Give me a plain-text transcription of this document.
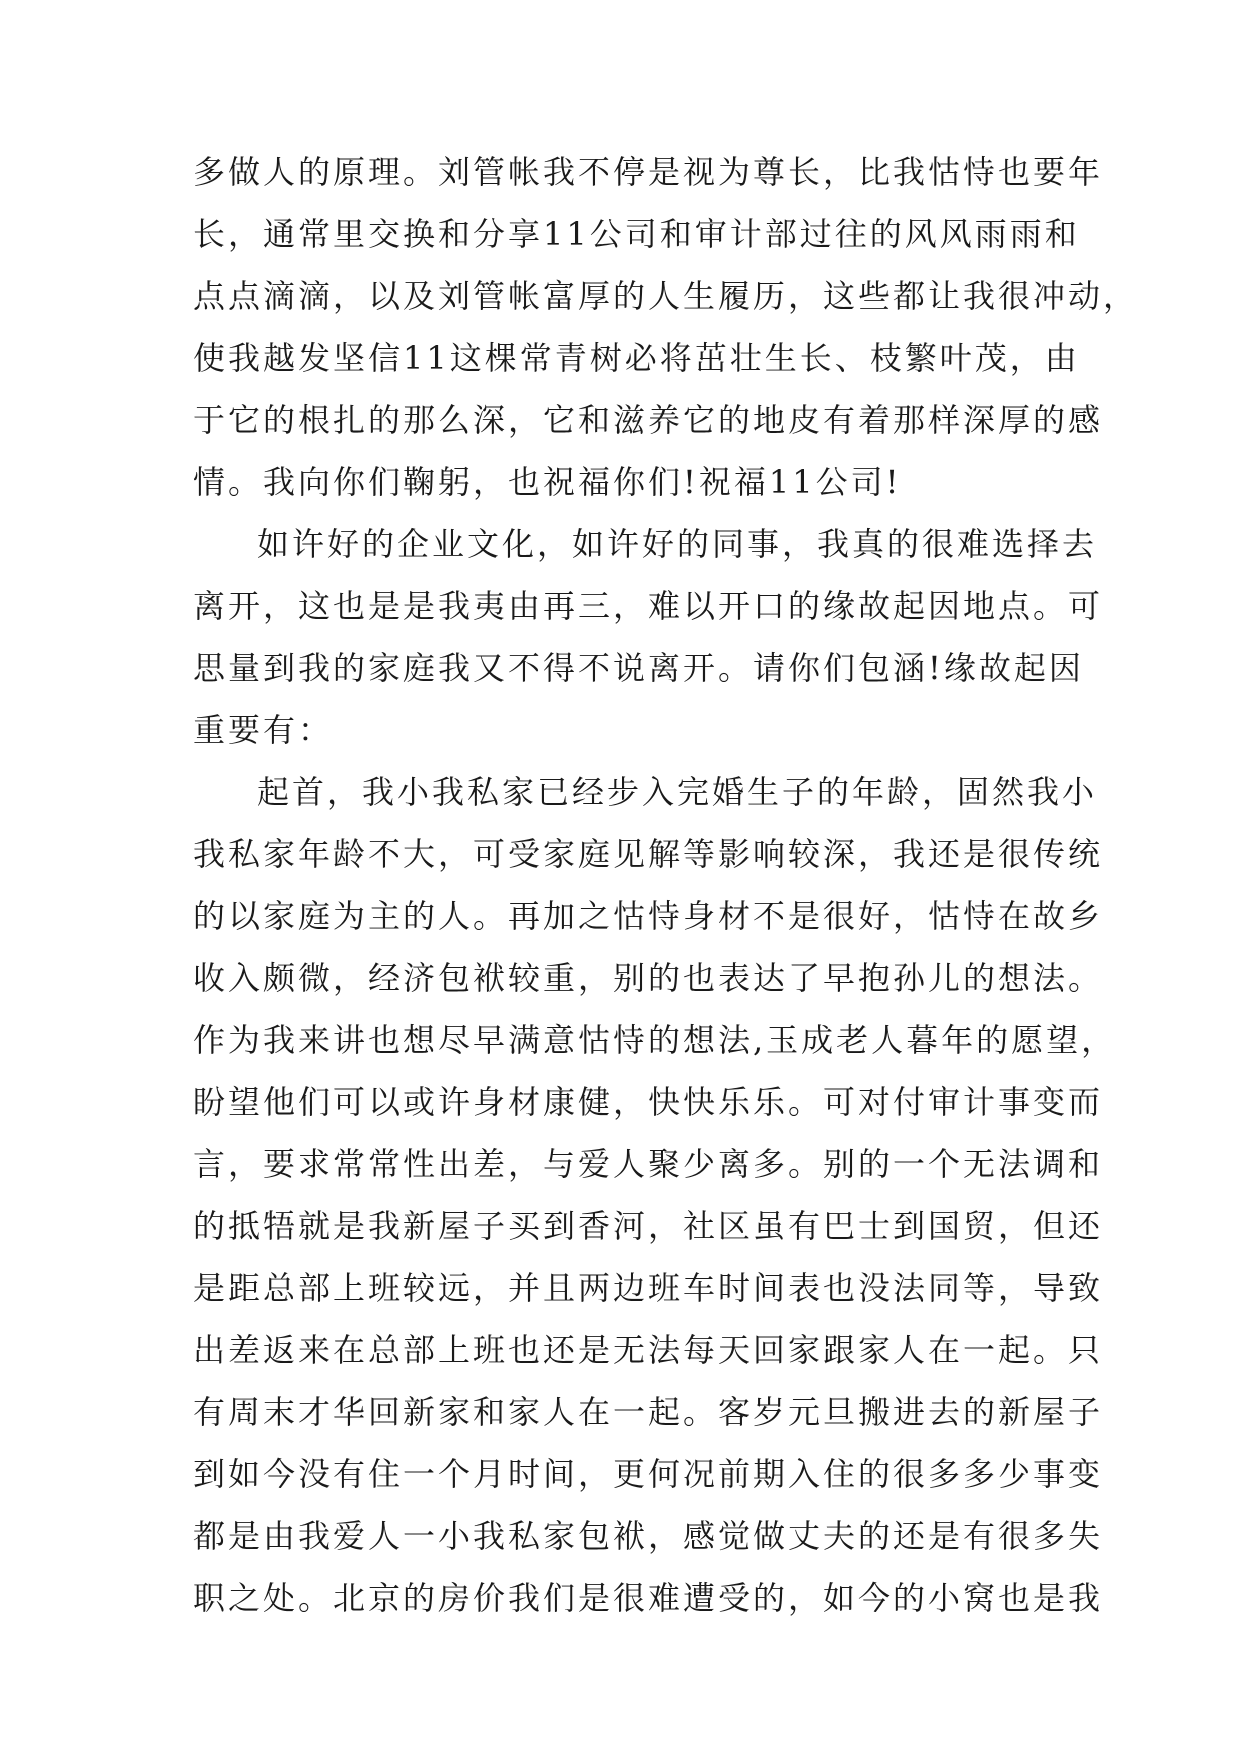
多做人的原理。刘管帐我不停是视为尊长，比我怙恃也要年
长，通常里交换和分享11公司和审计部过往的风风雨雨和
点点滴滴，以及刘管帐富厚的人生履历，这些都让我很冲动，
使我越发坚信11这棵常青树必将茁壮生长、枝繁叶茂，由
于它的根扎的那么深，它和滋养它的地皮有着那样深厚的感
情。我向你们鞠躬，也祝福你们!祝福11公司!
如许好的企业文化，如许好的同事，我真的很难选择去
离开，这也是是我夷由再三，难以开口的缘故起因地点。可
思量到我的家庭我又不得不说离开。请你们包涵!缘故起因
重要有：
起首，我小我私家已经步入完婚生子的年龄，固然我小
我私家年龄不大，可受家庭见解等影响较深，我还是很传统
的以家庭为主的人。再加之怙恃身材不是很好，怙恃在故乡
收入颇微，经济包袱较重，别的也表达了早抱孙儿的想法。
作为我来讲也想尽早满意怙恃的想法,玉成老人暮年的愿望，
盼望他们可以或许身材康健，快快乐乐。可对付审计事变而
言，要求常常性出差，与爱人聚少离多。别的一个无法调和
的抵牾就是我新屋子买到香河，社区虽有巴士到国贸，但还
是距总部上班较远，并且两边班车时间表也没法同等，导致
出差返来在总部上班也还是无法每天回家跟家人在一起。只
有周末才华回新家和家人在一起。客岁元旦搬进去的新屋子
到如今没有住一个月时间，更何况前期入住的很多多少事变
都是由我爱人一小我私家包袱，感觉做丈夫的还是有很多失
职之处。北京的房价我们是很难遭受的，如今的小窝也是我
